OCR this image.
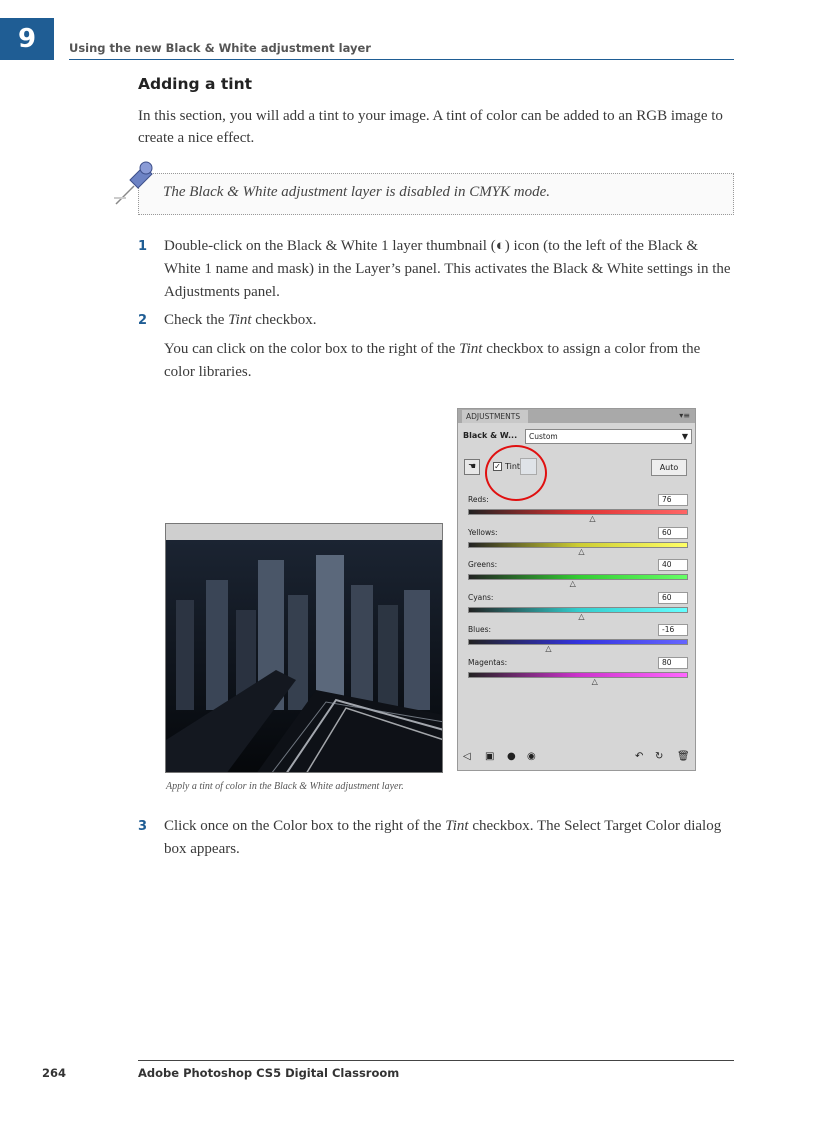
9	Using the new Black & White adjustment layer
Adding a tint
In this section, you will add a tint to your image. A tint of color can be added to an RGB image to create a nice effect.
The Black & White adjustment layer is disabled in CMYK mode.
1 Double-click on the Black & White 1 layer thumbnail (◐) icon (to the left of the Black & White 1 name and mask) in the Layer’s panel. This activates the Black & White settings in the Adjustments panel.
2 Check the Tint checkbox.
You can click on the color box to the right of the Tint checkbox to assign a color from the color libraries.
ADJUSTMENTS	▾≡
Black & W...	Custom	▼
☚	✓ Tint	Auto
Reds:	76
△
Yellows:	60
△
Greens:	40
△
Cyans:	60
△
Blues:	-16
△
Magentas:	80
△
◁ ▣ ● ◉	↶ ↻ 🗑
Apply a tint of color in the Black & White adjustment layer.
3 Click once on the Color box to the right of the Tint checkbox. The Select Target Color dialog box appears.
264	Adobe Photoshop CS5 Digital Classroom
